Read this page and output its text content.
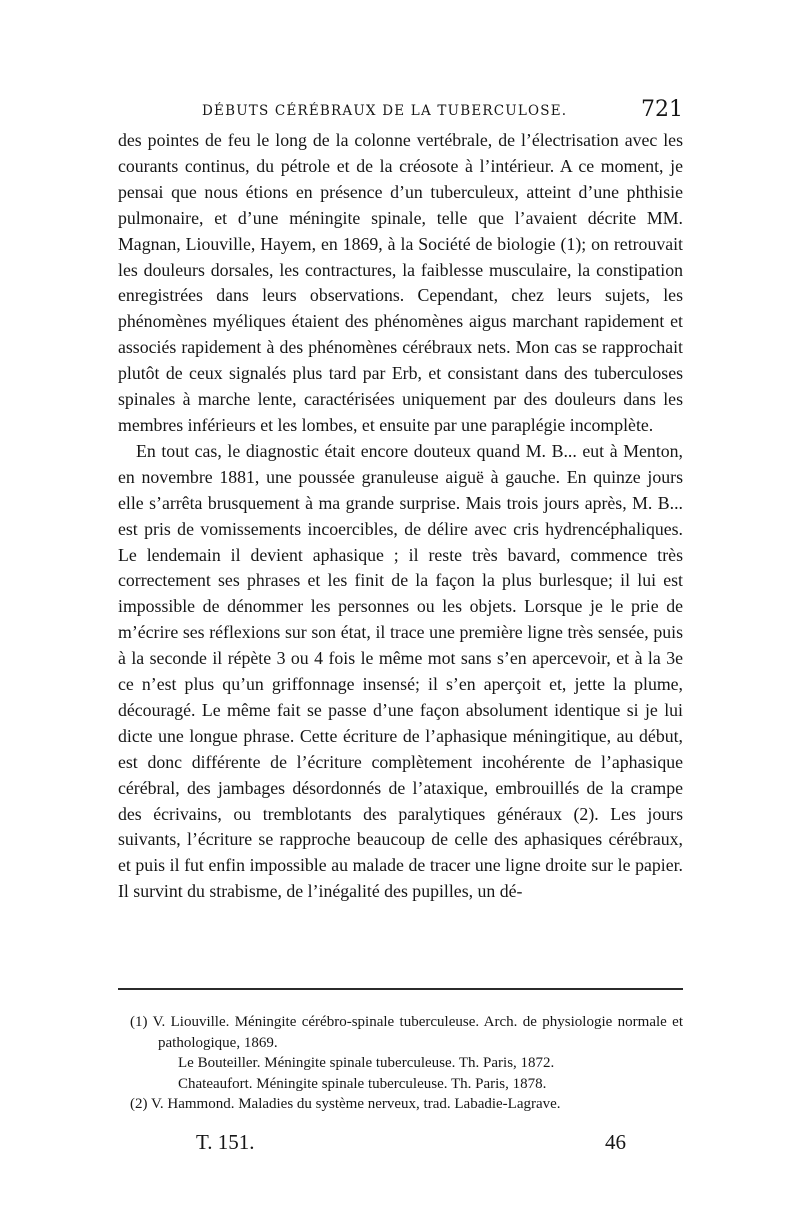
DÉBUTS CÉRÉBRAUX DE LA TUBERCULOSE.	721

des pointes de feu le long de la colonne vertébrale, de l’électrisation avec les courants continus, du pétrole et de la créosote à l’intérieur. A ce moment, je pensai que nous étions en présence d’un tuberculeux, atteint d’une phthisie pulmonaire, et d’une méningite spinale, telle que l’avaient décrite MM. Magnan, Liouville, Hayem, en 1869, à la Société de biologie (1); on retrouvait les douleurs dorsales, les contractures, la faiblesse musculaire, la constipation enregistrées dans leurs observations. Cependant, chez leurs sujets, les phénomènes myéliques étaient des phénomènes aigus marchant rapidement et associés rapidement à des phénomènes cérébraux nets. Mon cas se rapprochait plutôt de ceux signalés plus tard par Erb, et consistant dans des tuberculoses spinales à marche lente, caractérisées uniquement par des douleurs dans les membres inférieurs et les lombes, et ensuite par une paraplégie incomplète.

En tout cas, le diagnostic était encore douteux quand M. B... eut à Menton, en novembre 1881, une poussée granuleuse aiguë à gauche. En quinze jours elle s’arrêta brusquement à ma grande surprise. Mais trois jours après, M. B... est pris de vomissements incoercibles, de délire avec cris hydrencéphaliques. Le lendemain il devient aphasique ; il reste très bavard, commence très correctement ses phrases et les finit de la façon la plus burlesque; il lui est impossible de dénommer les personnes ou les objets. Lorsque je le prie de m’écrire ses réflexions sur son état, il trace une première ligne très sensée, puis à la seconde il répète 3 ou 4 fois le même mot sans s’en apercevoir, et à la 3e ce n’est plus qu’un griffonnage insensé; il s’en aperçoit et, jette la plume, découragé. Le même fait se passe d’une façon absolument identique si je lui dicte une longue phrase. Cette écriture de l’aphasique méningitique, au début, est donc différente de l’écriture complètement incohérente de l’aphasique cérébral, des jambages désordonnés de l’ataxique, embrouillés de la crampe des écrivains, ou tremblotants des paralytiques généraux (2). Les jours suivants, l’écriture se rapproche beaucoup de celle des aphasiques cérébraux, et puis il fut enfin impossible au malade de tracer une ligne droite sur le papier. Il survint du strabisme, de l’inégalité des pupilles, un dé-

(1) V. Liouville. Méningite cérébro-spinale tuberculeuse. Arch. de physiologie normale et pathologique, 1869.

Le Bouteiller. Méningite spinale tuberculeuse. Th. Paris, 1872.

Chateaufort. Méningite spinale tuberculeuse. Th. Paris, 1878.

(2) V. Hammond. Maladies du système nerveux, trad. Labadie-Lagrave.

T. 151.	46
